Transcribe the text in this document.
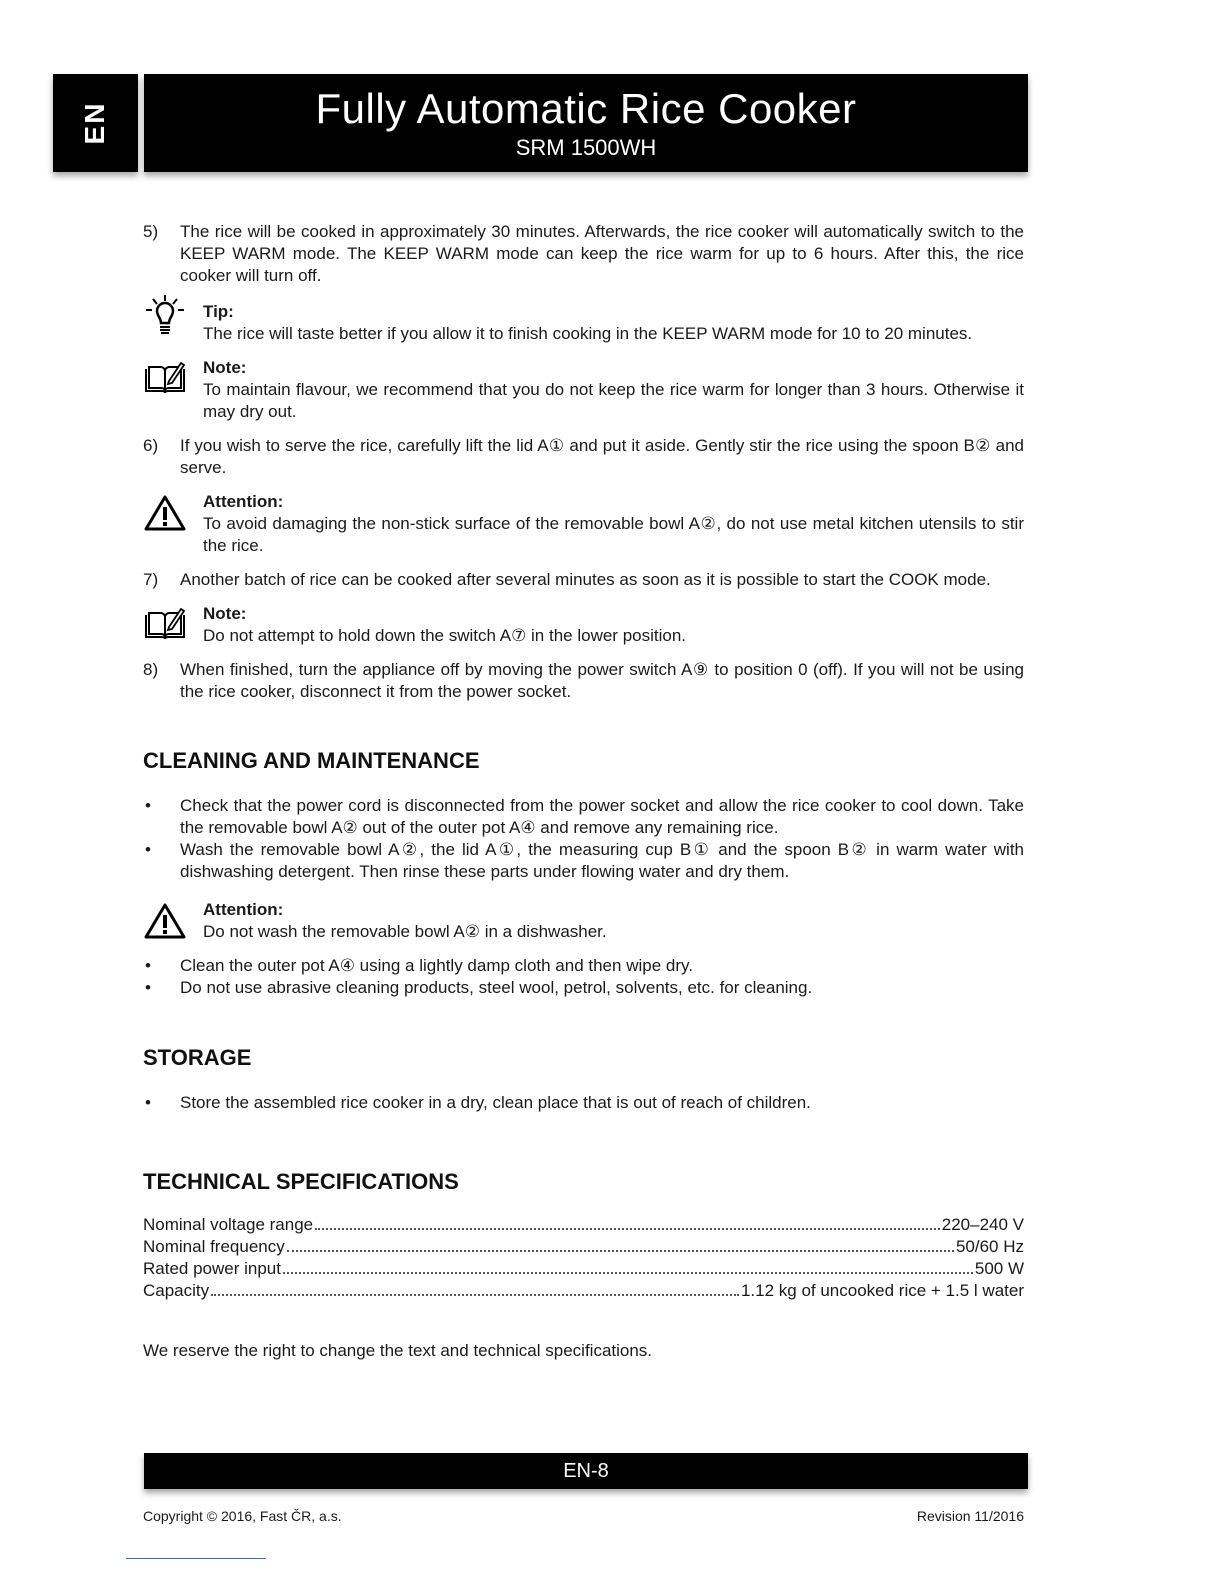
EN	Fully Automatic Rice Cooker
SRM 1500WH
5)	The rice will be cooked in approximately 30 minutes. Afterwards, the rice cooker will automatically switch to the KEEP WARM mode. The KEEP WARM mode can keep the rice warm for up to 6 hours. After this, the rice cooker will turn off.
Tip:
The rice will taste better if you allow it to finish cooking in the KEEP WARM mode for 10 to 20 minutes.
Note:
To maintain flavour, we recommend that you do not keep the rice warm for longer than 3 hours. Otherwise it may dry out.
6)	If you wish to serve the rice, carefully lift the lid A① and put it aside. Gently stir the rice using the spoon B② and serve.
Attention:
To avoid damaging the non-stick surface of the removable bowl A②, do not use metal kitchen utensils to stir the rice.
7)	Another batch of rice can be cooked after several minutes as soon as it is possible to start the COOK mode.
Note:
Do not attempt to hold down the switch A⑦ in the lower position.
8)	When finished, turn the appliance off by moving the power switch A⑨ to position 0 (off). If you will not be using the rice cooker, disconnect it from the power socket.
CLEANING AND MAINTENANCE
•	Check that the power cord is disconnected from the power socket and allow the rice cooker to cool down. Take the removable bowl A② out of the outer pot A④ and remove any remaining rice.
•	Wash the removable bowl A②, the lid A①, the measuring cup B① and the spoon B② in warm water with dishwashing detergent. Then rinse these parts under flowing water and dry them.
Attention:
Do not wash the removable bowl A② in a dishwasher.
•	Clean the outer pot A④ using a lightly damp cloth and then wipe dry.
•	Do not use abrasive cleaning products, steel wool, petrol, solvents, etc. for cleaning.
STORAGE
•	Store the assembled rice cooker in a dry, clean place that is out of reach of children.
TECHNICAL SPECIFICATIONS
Nominal voltage range	220–240 V
Nominal frequency	50/60 Hz
Rated power input	500 W
Capacity	1.12 kg of uncooked rice + 1.5 l water
We reserve the right to change the text and technical specifications.
EN-8
Copyright © 2016, Fast ČR, a.s.	Revision 11/2016
